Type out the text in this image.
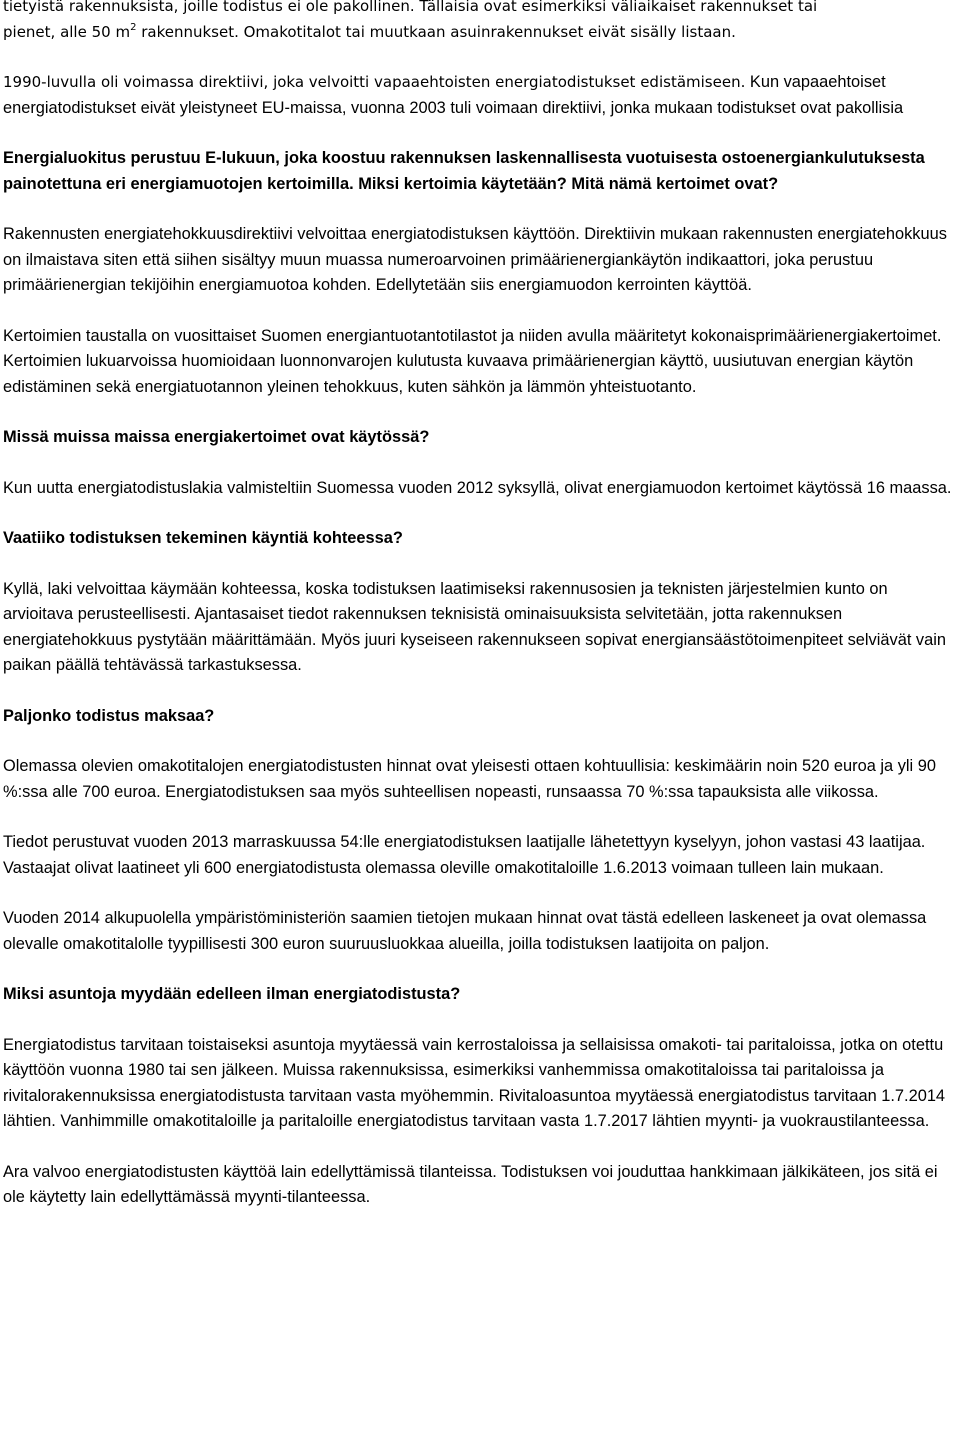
tietyistä rakennuksista, joille todistus ei ole pakollinen. Tällaisia ovat esimerkiksi väliaikaiset rakennukset tai
pienet, alle 50 $m^2$ rakennukset. Omakotitalot tai muutkaan asuinrakennukset eivät sisälly listaan.

1990-luvulla oli voimassa direktiivi, joka velvoitti vapaaehtoisten energiatodistukset edistämiseen. Kun vapaaehtoiset energiatodistukset eivät yleistyneet EU-maissa, vuonna 2003 tuli voimaan direktiivi, jonka mukaan todistukset ovat pakollisia

Energialuokitus perustuu E-lukuun, joka koostuu rakennuksen laskennallisesta vuotuisesta ostoenergiankulutuksesta painotettuna eri energiamuotojen kertoimilla. Miksi kertoimia käytetään? Mitä nämä kertoimet ovat?

Rakennusten energiatehokkuusdirektiivi velvoittaa energiatodistuksen käyttöön. Direktiivin mukaan rakennusten energiatehokkuus on ilmaistava siten että siihen sisältyy muun muassa numeroarvoinen primäärienergiankäytön indikaattori, joka perustuu primäärienergian tekijöihin energiamuotoa kohden. Edellytetään siis energiamuodon kerrointen käyttöä.

Kertoimien taustalla on vuosittaiset Suomen energiantuotantotilastot ja niiden avulla määritetyt kokonaisprimäärienergiakertoimet. Kertoimien lukuarvoissa huomioidaan luonnonvarojen kulutusta kuvaava primäärienergian käyttö, uusiutuvan energian käytön edistäminen sekä energiatuotannon yleinen tehokkuus, kuten sähkön ja lämmön yhteistuotanto.

Missä muissa maissa energiakertoimet ovat käytössä?

Kun uutta energiatodistuslakia valmisteltiin Suomessa vuoden 2012 syksyllä, olivat energiamuodon kertoimet käytössä 16 maassa.

Vaatiiko todistuksen tekeminen käyntiä kohteessa?

Kyllä, laki velvoittaa käymään kohteessa, koska todistuksen laatimiseksi rakennusosien ja teknisten järjestelmien kunto on arvioitava perusteellisesti. Ajantasaiset tiedot rakennuksen teknisistä ominaisuuksista selvitetään, jotta rakennuksen energiatehokkuus pystytään määrittämään. Myös juuri kyseiseen rakennukseen sopivat energiansäästötoimenpiteet selviävät vain paikan päällä tehtävässä tarkastuksessa.

Paljonko todistus maksaa?

Olemassa olevien omakotitalojen energiatodistusten hinnat ovat yleisesti ottaen kohtuullisia: keskimäärin noin 520 euroa ja yli 90 %:ssa alle 700 euroa. Energiatodistuksen saa myös suhteellisen nopeasti, runsaassa 70 %:ssa tapauksista alle viikossa.

Tiedot perustuvat vuoden 2013 marraskuussa 54:lle energiatodistuksen laatijalle lähetettyyn kyselyyn, johon vastasi 43 laatijaa. Vastaajat olivat laatineet yli 600 energiatodistusta olemassa oleville omakotitaloille 1.6.2013 voimaan tulleen lain mukaan.

Vuoden 2014 alkupuolella ympäristöministeriön saamien tietojen mukaan hinnat ovat tästä edelleen laskeneet ja ovat olemassa olevalle omakotitalolle tyypillisesti 300 euron suuruusluokkaa alueilla, joilla todistuksen laatijoita on paljon.

Miksi asuntoja myydään edelleen ilman energiatodistusta?

Energiatodistus tarvitaan toistaiseksi asuntoja myytäessä vain kerrostaloissa ja sellaisissa omakoti- tai paritaloissa, jotka on otettu käyttöön vuonna 1980 tai sen jälkeen. Muissa rakennuksissa, esimerkiksi vanhemmissa omakotitaloissa tai paritaloissa ja rivitalorakennuksissa energiatodistusta tarvitaan vasta myöhemmin. Rivitaloasuntoa myytäessä energiatodistus tarvitaan 1.7.2014 lähtien. Vanhimmille omakotitaloille ja paritaloille energiatodistus tarvitaan vasta 1.7.2017 lähtien myynti- ja vuokraustilanteessa.

Ara valvoo energiatodistusten käyttöä lain edellyttämissä tilanteissa. Todistuksen voi jouduttaa hankkimaan jälkikäteen, jos sitä ei ole käytetty lain edellyttämässä myynti-tilanteessa.
